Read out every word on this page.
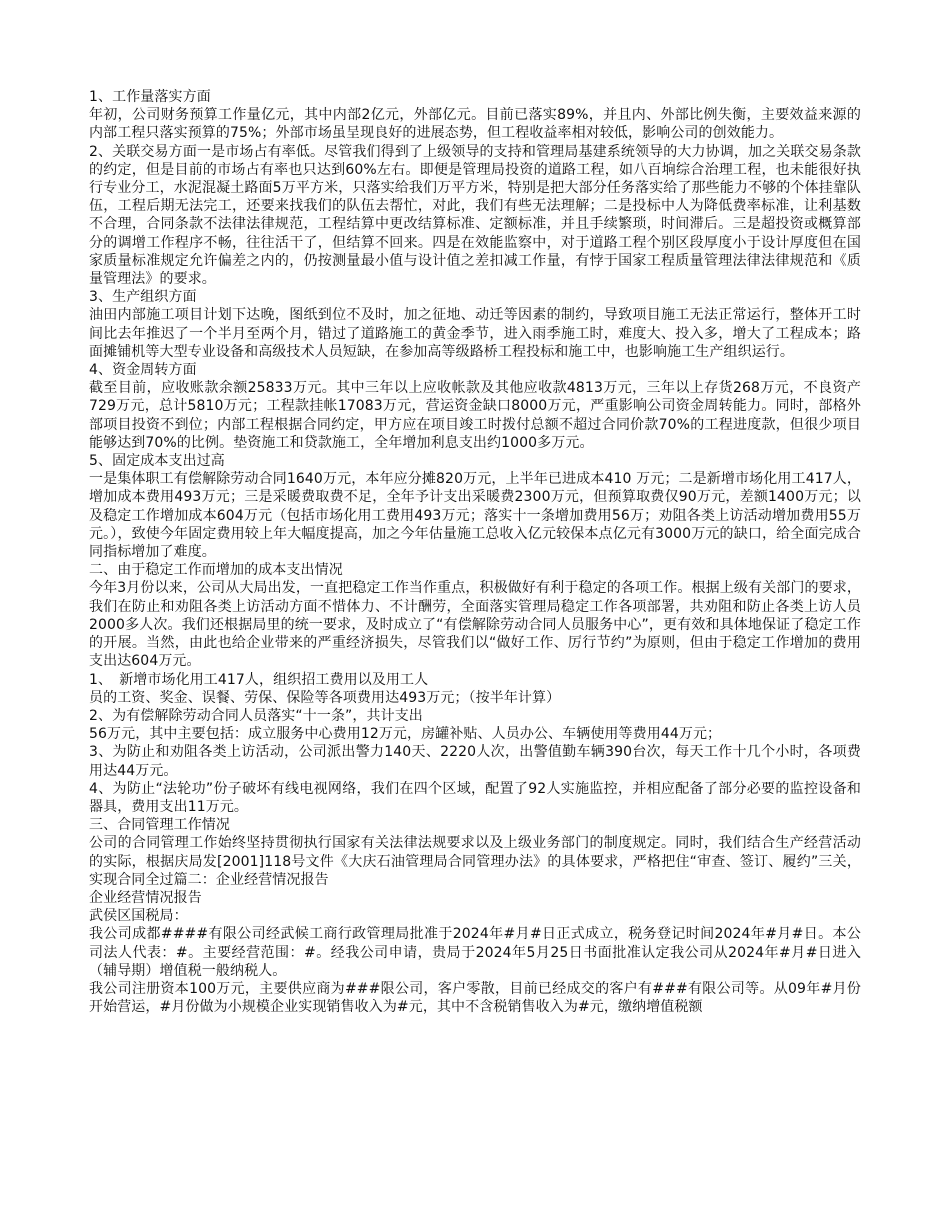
1、工作量落实方面

年初，公司财务预算工作量亿元，其中内部2亿元，外部亿元。目前已落实89%，并且内、外部比例失衡，主要效益来源的内部工程只落实预算的75%；外部市场虽呈现良好的进展态势，但工程收益率相对较低，影响公司的创效能力。

2、关联交易方面一是市场占有率低。尽管我们得到了上级领导的支持和管理局基建系统领导的大力协调，加之关联交易条款的约定，但是目前的市场占有率也只达到60%左右。即便是管理局投资的道路工程，如八百垧综合治理工程，也未能很好执行专业分工，水泥混凝土路面5万平方米，只落实给我们万平方米，特别是把大部分任务落实给了那些能力不够的个体挂靠队伍，工程后期无法完工，还要来找我们的队伍去帮忙，对此，我们有些无法理解；二是投标中人为降低费率标准，让利基数不合理，合同条款不法律法律规范，工程结算中更改结算标准、定额标准，并且手续繁琐，时间滞后。三是超投资或概算部分的调增工作程序不畅，往往活干了，但结算不回来。四是在效能监察中，对于道路工程个别区段厚度小于设计厚度但在国家质量标准规定允许偏差之内的，仍按测量最小值与设计值之差扣减工作量，有悖于国家工程质量管理法律法律规范和《质量管理法》的要求。

3、生产组织方面

油田内部施工项目计划下达晚，图纸到位不及时，加之征地、动迁等因素的制约，导致项目施工无法正常运行，整体开工时间比去年推迟了一个半月至两个月，错过了道路施工的黄金季节，进入雨季施工时，难度大、投入多，增大了工程成本；路面摊铺机等大型专业设备和高级技术人员短缺，在参加高等级路桥工程投标和施工中，也影响施工生产组织运行。

4、资金周转方面

截至目前，应收账款余额25833万元。其中三年以上应收帐款及其他应收款4813万元，三年以上存货268万元，不良资产729万元，总计5810万元；工程款挂帐17083万元，营运资金缺口8000万元，严重影响公司资金周转能力。同时，部格外部项目投资不到位；内部工程根据合同约定，甲方应在项目竣工时拨付总额不超过合同价款70%的工程进度款，但很少项目能够达到70%的比例。垫资施工和贷款施工，全年增加利息支出约1000多万元。

5、固定成本支出过高

一是集体职工有偿解除劳动合同1640万元，本年应分摊820万元，上半年已进成本410 万元；二是新增市场化用工417人，增加成本费用493万元；三是采暖费取费不足，全年予计支出采暖费2300万元，但预算取费仅90万元，差额1400万元；以及稳定工作增加成本604万元（包括市场化用工费用493万元；落实十一条增加费用56万；劝阻各类上访活动增加费用55万元。），致使今年固定费用较上年大幅度提高，加之今年估量施工总收入亿元较保本点亿元有3000万元的缺口，给全面完成合同指标增加了难度。

二、由于稳定工作而增加的成本支出情况

今年3月份以来，公司从大局出发，一直把稳定工作当作重点，积极做好有利于稳定的各项工作。根据上级有关部门的要求，我们在防止和劝阻各类上访活动方面不惜体力、不计酬劳，全面落实管理局稳定工作各项部署，共劝阻和防止各类上访人员2000多人次。我们还根据局里的统一要求，及时成立了“有偿解除劳动合同人员服务中心”，更有效和具体地保证了稳定工作的开展。当然，由此也给企业带来的严重经济损失，尽管我们以“做好工作、厉行节约”为原则，但由于稳定工作增加的费用支出达604万元。

1、　新增市场化用工417人，组织招工费用以及用工人

员的工资、奖金、误餐、劳保、保险等各项费用达493万元；（按半年计算）

2、为有偿解除劳动合同人员落实“十一条”，共计支出

56万元，其中主要包括：成立服务中心费用12万元，房罐补贴、人员办公、车辆使用等费用44万元；

3、为防止和劝阻各类上访活动，公司派出警力140天、2220人次，出警值勤车辆390台次，每天工作十几个小时，各项费用达44万元。

4、为防止“法轮功”份子破坏有线电视网络，我们在四个区域，配置了92人实施监控，并相应配备了部分必要的监控设备和器具，费用支出11万元。

三、合同管理工作情况

公司的合同管理工作始终坚持贯彻执行国家有关法律法规要求以及上级业务部门的制度规定。同时，我们结合生产经营活动的实际，根据庆局发[2001]118号文件《大庆石油管理局合同管理办法》的具体要求，严格把住“审查、签订、履约”三关，实现合同全过篇二：企业经营情况报告

企业经营情况报告

武侯区国税局：

我公司成都####有限公司经武候工商行政管理局批准于2024年#月#日正式成立，税务登记时间2024年#月#日。本公司法人代表：#。主要经营范围：#。经我公司申请，贵局于2024年5月25日书面批准认定我公司从2024年#月#日进入（辅导期）增值税一般纳税人。

我公司注册资本100万元，主要供应商为###限公司，客户零散，目前已经成交的客户有###有限公司等。从09年#月份开始营运，#月份做为小规模企业实现销售收入为#元，其中不含税销售收入为#元，缴纳增值税额
